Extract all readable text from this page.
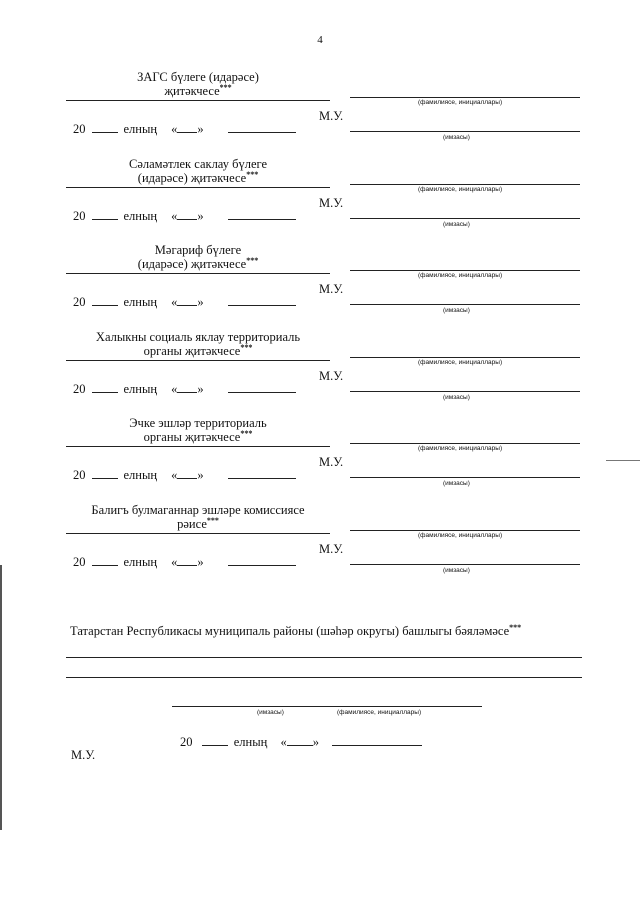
4
ЗАГС бүлеге (идарәсе)
җитәкчесе***
20	елның « »
М.У.
(фамилиясе, инициаллары)
(имзасы)
Сәламәтлек саклау бүлеге
(идарәсе) җитәкчесе***
20	елның « »
М.У.
(фамилиясе, инициаллары)
(имзасы)
Мәгариф бүлеге
(идарәсе) җитәкчесе***
20	елның « »
М.У.
(фамилиясе, инициаллары)
(имзасы)
Халыкны социаль яклау территориаль
органы җитәкчесе***
20	елның « »
М.У.
(фамилиясе, инициаллары)
(имзасы)
Эчке эшләр территориаль
органы җитәкчесе***
20	елның « »
М.У.
(фамилиясе, инициаллары)
(имзасы)
Балигъ булмаганнар эшләре комиссиясе
рәисе***
20	елның « »
М.У.
(фамилиясе, инициаллары)
(имзасы)
Татарстан Республикасы муниципаль районы (шәһәр округы) башлыгы бәяләмәсе***
(имзасы)	(фамилиясе, инициаллары)
20	елның « »
М.У.
